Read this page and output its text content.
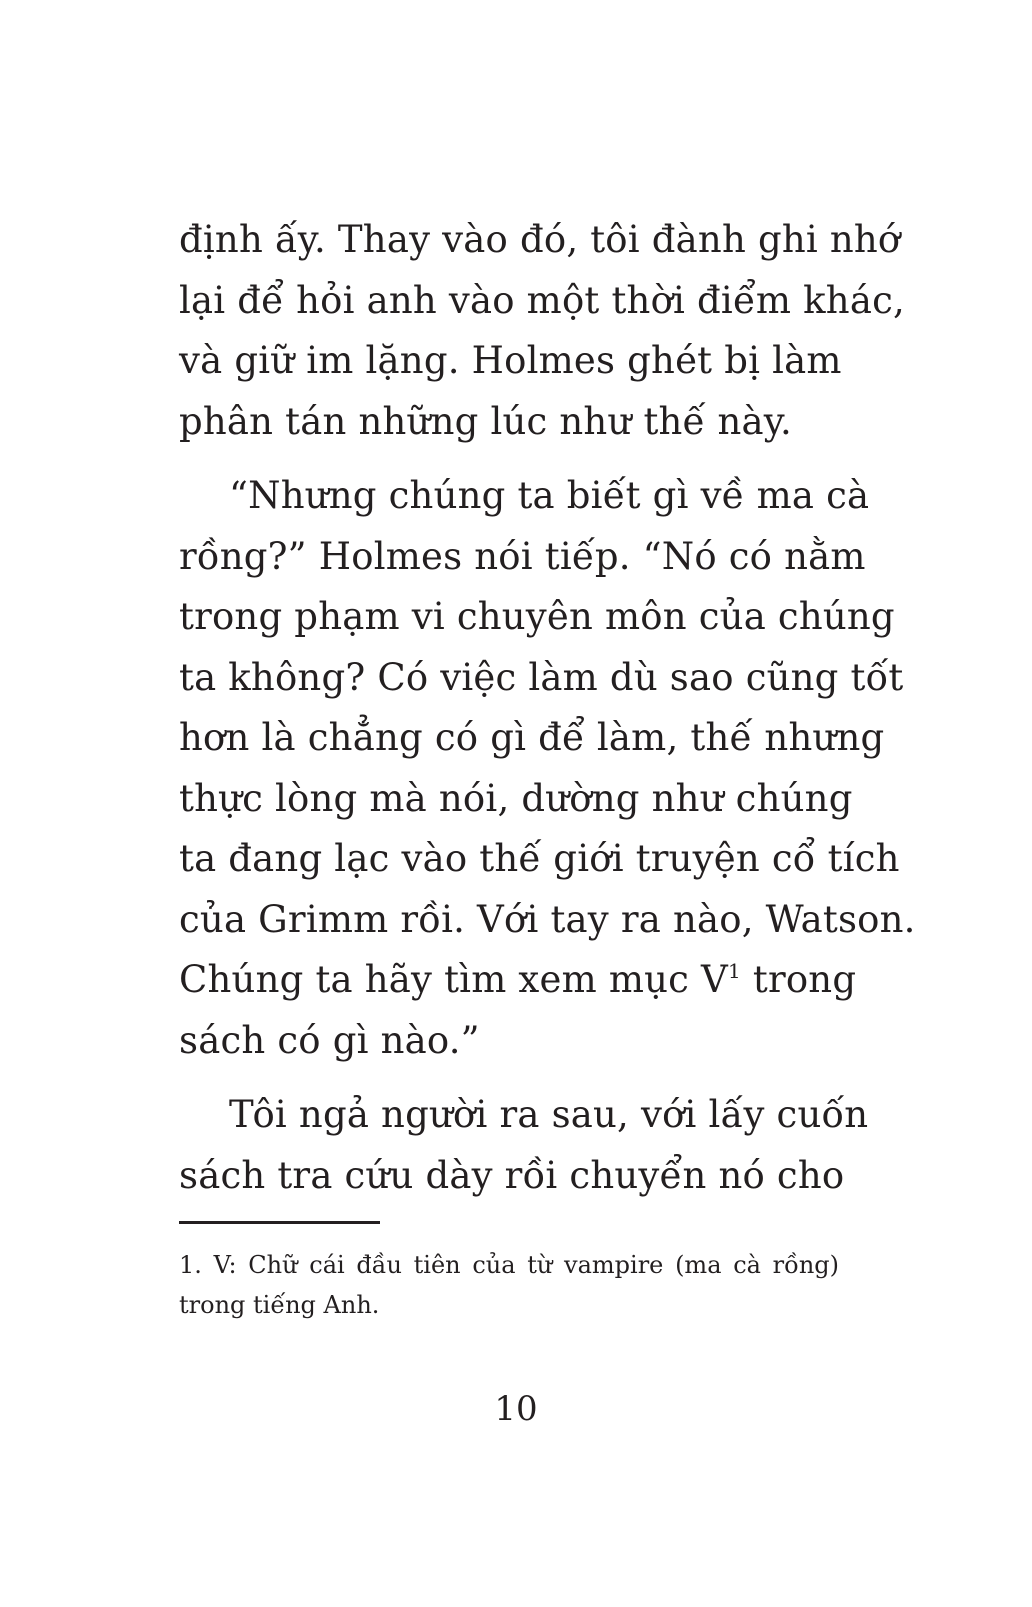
định ấy. Thay vào đó, tôi đành ghi nhớ
lại để hỏi anh vào một thời điểm khác,
và giữ im lặng. Holmes ghét bị làm
phân tán những lúc như thế này.

“Nhưng chúng ta biết gì về ma cà
rồng?” Holmes nói tiếp. “Nó có nằm
trong phạm vi chuyên môn của chúng
ta không? Có việc làm dù sao cũng tốt
hơn là chẳng có gì để làm, thế nhưng
thực lòng mà nói, dường như chúng
ta đang lạc vào thế giới truyện cổ tích
của Grimm rồi. Với tay ra nào, Watson.
Chúng ta hãy tìm xem mục $V^1$ trong
sách có gì nào.”

Tôi ngả người ra sau, với lấy cuốn
sách tra cứu dày rồi chuyển nó cho

1. V: Chữ cái đầu tiên của từ vampire (ma cà rồng)
trong tiếng Anh.
10
